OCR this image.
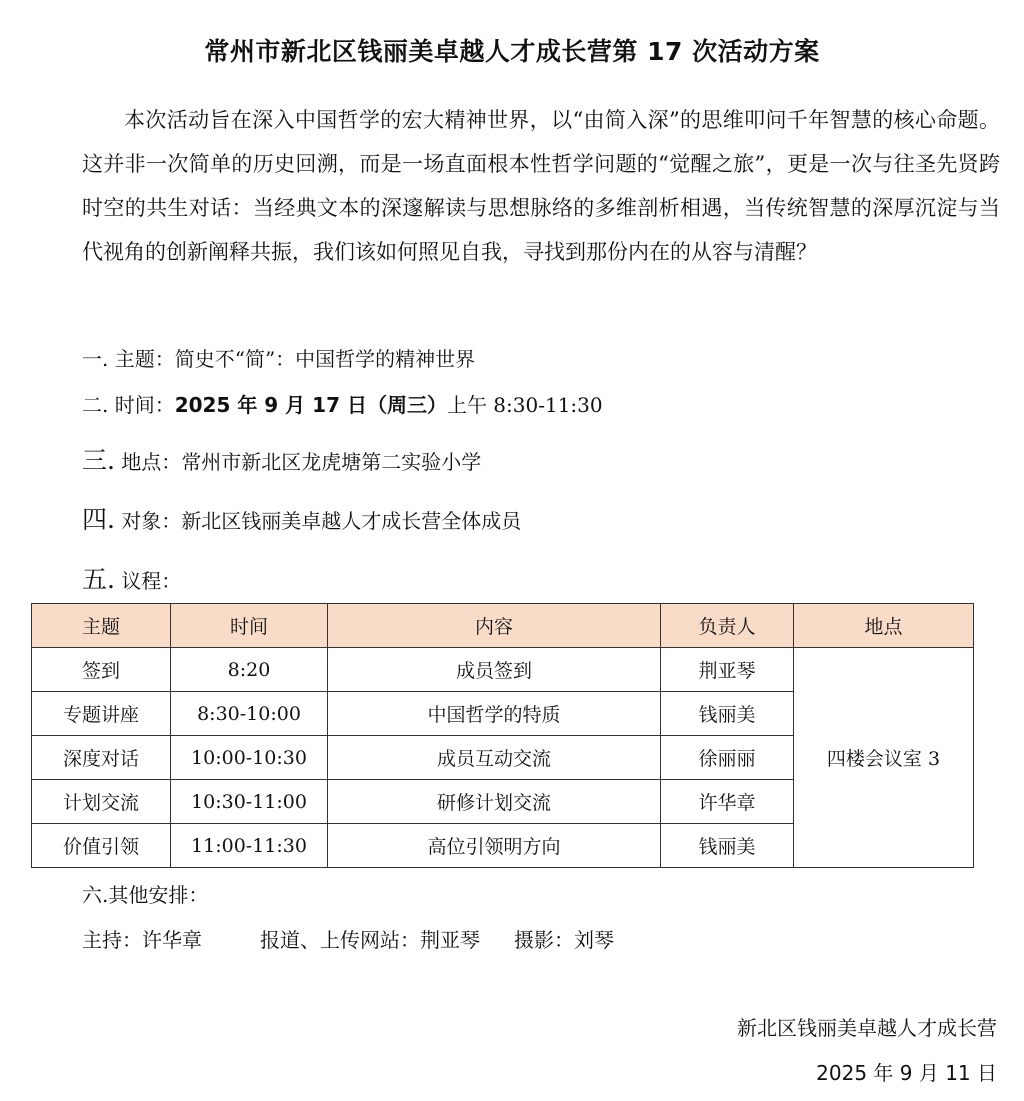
常州市新北区钱丽美卓越人才成长营第 17 次活动方案
本次活动旨在深入中国哲学的宏大精神世界，以“由简入深”的思维叩问千年智慧的核心命题。这并非一次简单的历史回溯，而是一场直面根本性哲学问题的“觉醒之旅”，更是一次与往圣先贤跨时空的共生对话：当经典文本的深邃解读与思想脉络的多维剖析相遇，当传统智慧的深厚沉淀与当代视角的创新阐释共振，我们该如何照见自我，寻找到那份内在的从容与清醒？
一. 主题：简史不“简”：中国哲学的精神世界
二. 时间：2025 年 9 月 17 日（周三）上午 8:30-11:30
三. 地点：常州市新北区龙虎塘第二实验小学
四. 对象：新北区钱丽美卓越人才成长营全体成员
五. 议程：
主题	时间	内容	负责人	地点
签到	8:20	成员签到	荆亚琴	四楼会议室 3
专题讲座	8:30-10:00	中国哲学的特质	钱丽美	
深度对话	10:00-10:30	成员互动交流	徐丽丽	
计划交流	10:30-11:00	研修计划交流	许华章	
价值引领	11:00-11:30	高位引领明方向	钱丽美	
六.其他安排：
主持：许华章	报道、上传网站：荆亚琴 摄影：刘琴
新北区钱丽美卓越人才成长营
2025 年 9 月 11 日
